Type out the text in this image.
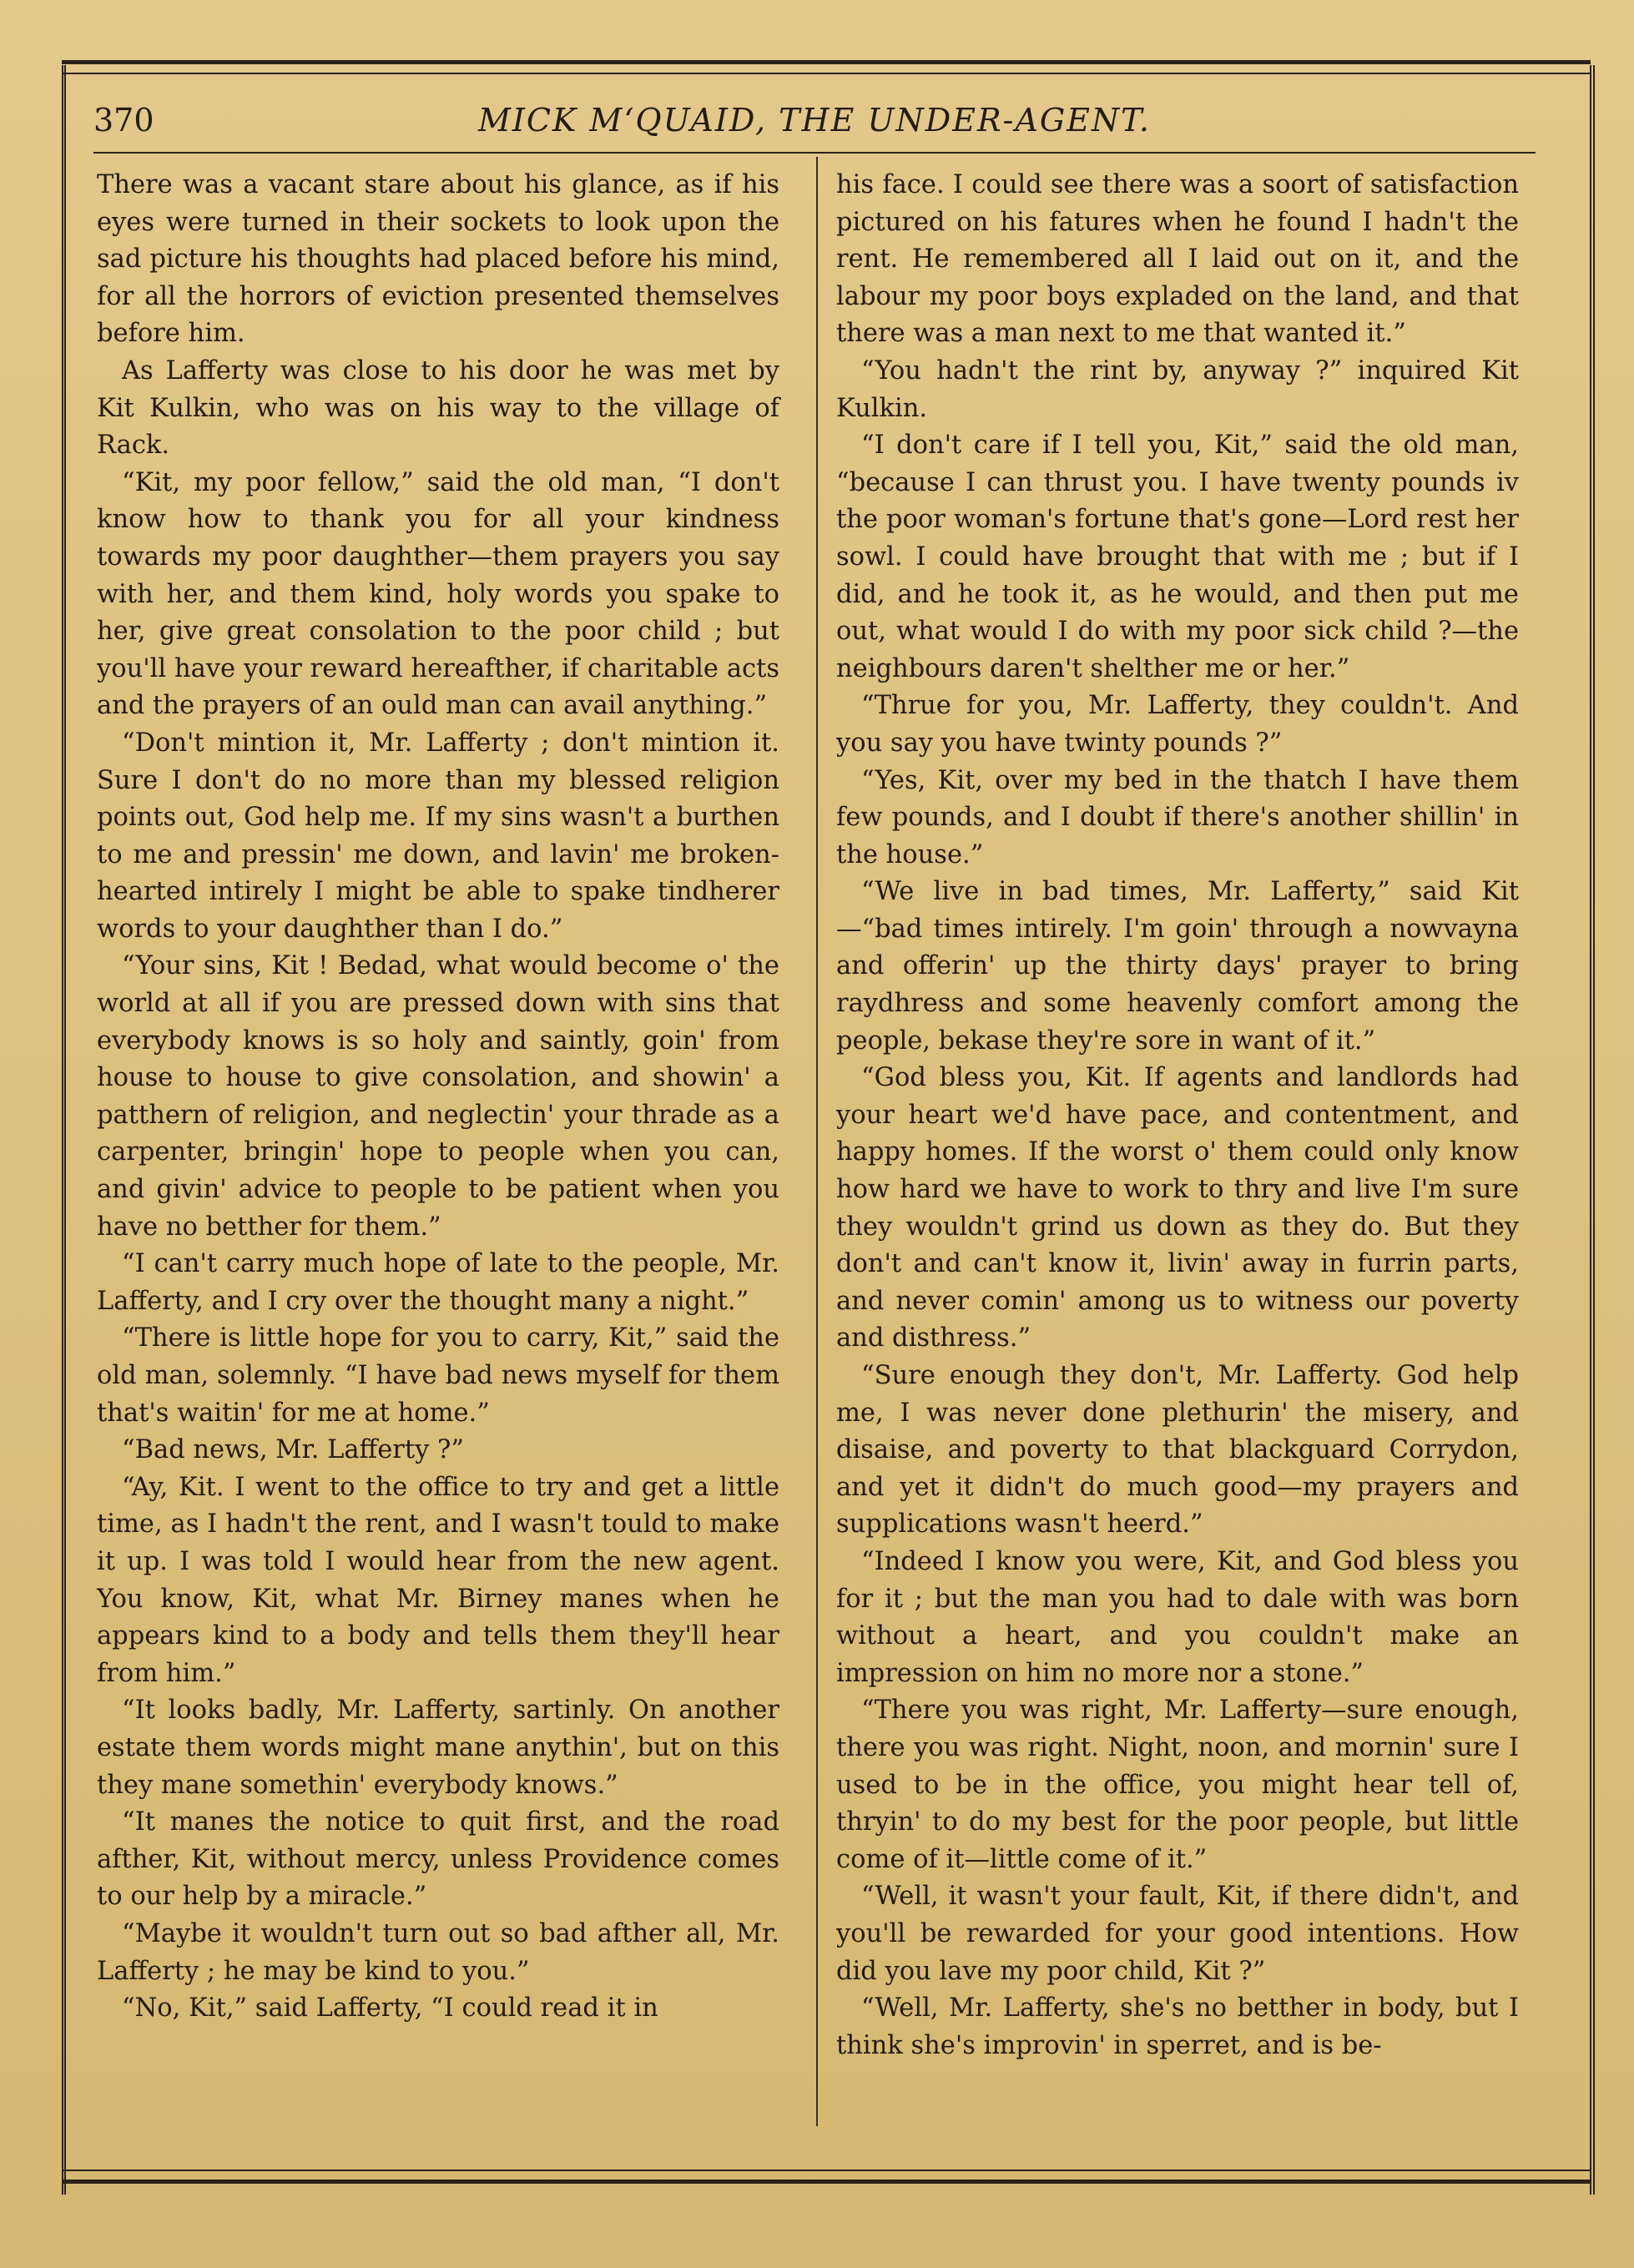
370	MICK M‘QUAID, THE UNDER-AGENT.

There was a vacant stare about his glance, as if his eyes were turned in their sockets to look upon the sad picture his thoughts had placed before his mind, for all the horrors of eviction presented themselves before him.

As Lafferty was close to his door he was met by Kit Kulkin, who was on his way to the village of Rack.

“Kit, my poor fellow,” said the old man, “I don't know how to thank you for all your kindness towards my poor daughther—them prayers you say with her, and them kind, holy words you spake to her, give great consolation to the poor child ; but you'll have your reward hereafther, if charitable acts and the prayers of an ould man can avail anything.”

“Don't mintion it, Mr. Lafferty ; don't mintion it. Sure I don't do no more than my blessed religion points out, God help me. If my sins wasn't a burthen to me and pressin' me down, and lavin' me broken-hearted intirely I might be able to spake tindherer words to your daughther than I do.”

“Your sins, Kit ! Bedad, what would become o' the world at all if you are pressed down with sins that everybody knows is so holy and saintly, goin' from house to house to give consolation, and showin' a patthern of religion, and neglectin' your thrade as a carpenter, bringin' hope to people when you can, and givin' advice to people to be patient when you have no betther for them.”

“I can't carry much hope of late to the people, Mr. Lafferty, and I cry over the thought many a night.”

“There is little hope for you to carry, Kit,” said the old man, solemnly. “I have bad news myself for them that's waitin' for me at home.”

“Bad news, Mr. Lafferty ?”

“Ay, Kit. I went to the office to try and get a little time, as I hadn't the rent, and I wasn't tould to make it up. I was told I would hear from the new agent. You know, Kit, what Mr. Birney manes when he appears kind to a body and tells them they'll hear from him.”

“It looks badly, Mr. Lafferty, sartinly. On another estate them words might mane anythin', but on this they mane somethin' everybody knows.”

“It manes the notice to quit first, and the road afther, Kit, without mercy, unless Providence comes to our help by a miracle.”

“Maybe it wouldn't turn out so bad afther all, Mr. Lafferty ; he may be kind to you.”

“No, Kit,” said Lafferty, “I could read it in

his face. I could see there was a soort of satisfaction pictured on his fatures when he found I hadn't the rent. He remembered all I laid out on it, and the labour my poor boys expladed on the land, and that there was a man next to me that wanted it.”

“You hadn't the rint by, anyway ?” inquired Kit Kulkin.

“I don't care if I tell you, Kit,” said the old man, “because I can thrust you. I have twenty pounds iv the poor woman's fortune that's gone—Lord rest her sowl. I could have brought that with me ; but if I did, and he took it, as he would, and then put me out, what would I do with my poor sick child ?—the neighbours daren't shelther me or her.”

“Thrue for you, Mr. Lafferty, they couldn't. And you say you have twinty pounds ?”

“Yes, Kit, over my bed in the thatch I have them few pounds, and I doubt if there's another shillin' in the house.”

“We live in bad times, Mr. Lafferty,” said Kit —“bad times intirely. I'm goin' through a nowvayna and offerin' up the thirty days' prayer to bring raydhress and some heavenly comfort among the people, bekase they're sore in want of it.”

“God bless you, Kit. If agents and landlords had your heart we'd have pace, and contentment, and happy homes. If the worst o' them could only know how hard we have to work to thry and live I'm sure they wouldn't grind us down as they do. But they don't and can't know it, livin' away in furrin parts, and never comin' among us to witness our poverty and disthress.”

“Sure enough they don't, Mr. Lafferty. God help me, I was never done plethurin' the misery, and disaise, and poverty to that blackguard Corrydon, and yet it didn't do much good—my prayers and supplications wasn't heerd.”

“Indeed I know you were, Kit, and God bless you for it ; but the man you had to dale with was born without a heart, and you couldn't make an impression on him no more nor a stone.”

“There you was right, Mr. Lafferty—sure enough, there you was right. Night, noon, and mornin' sure I used to be in the office, you might hear tell of, thryin' to do my best for the poor people, but little come of it—little come of it.”

“Well, it wasn't your fault, Kit, if there didn't, and you'll be rewarded for your good intentions. How did you lave my poor child, Kit ?”

“Well, Mr. Lafferty, she's no betther in body, but I think she's improvin' in sperret, and is be-
